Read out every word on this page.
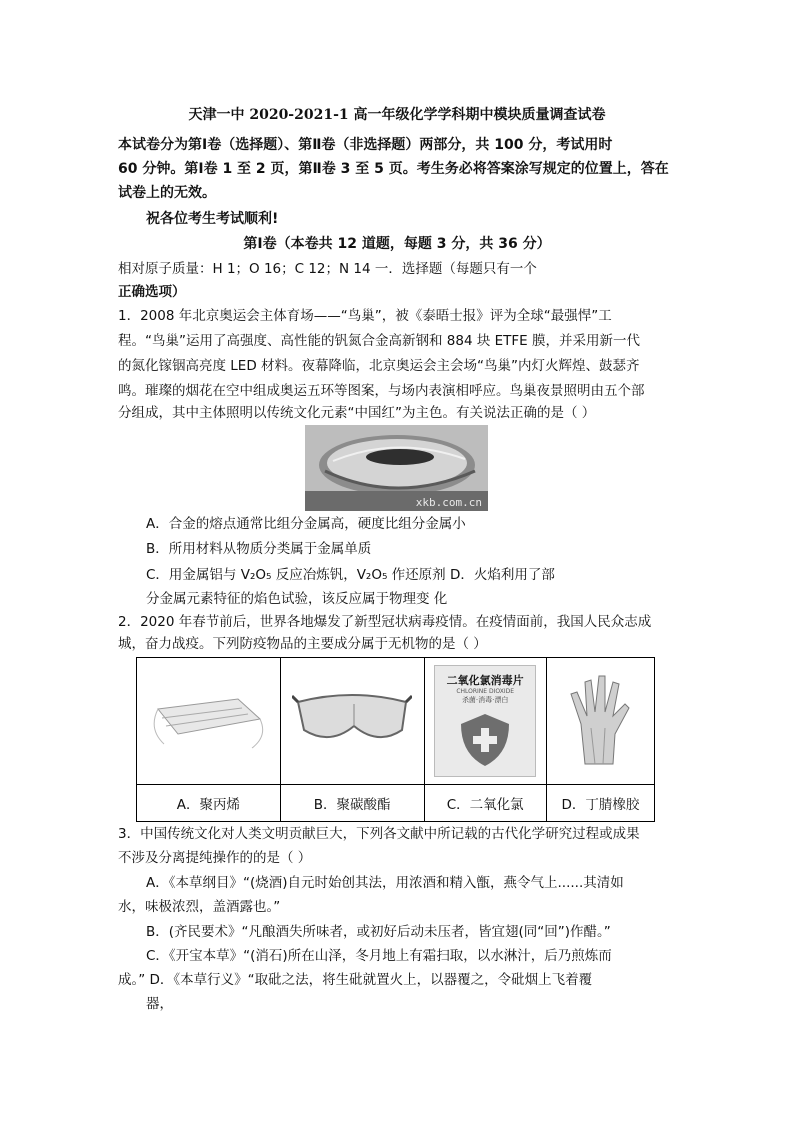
天津一中 2020-2021-1 高一年级化学学科期中模块质量调查试卷
本试卷分为第Ⅰ卷（选择题）、第Ⅱ卷（非选择题）两部分，共 100 分，考试用时
60 分钟。第Ⅰ卷 1 至 2 页，第Ⅱ卷 3 至 5 页。考生务必将答案涂写规定的位置上，答在
试卷上的无效。
祝各位考生考试顺利!
第Ⅰ卷（本卷共 12 道题，每题 3 分，共 36 分）
相对原子质量：H 1；O 16；C 12；N 14 一．选择题（每题只有一个
正确选项）
1．2008 年北京奥运会主体育场——“鸟巢”，被《泰晤士报》评为全球“最强悍”工
程。“鸟巢”运用了高强度、高性能的钒氮合金高新钢和 884 块 ETFE 膜，并采用新一代
的氮化镓铟高亮度 LED 材料。夜幕降临，北京奥运会主会场“鸟巢”内灯火辉煌、鼓瑟齐
鸣。璀璨的烟花在空中组成奥运五环等图案，与场内表演相呼应。鸟巢夜景照明由五个部
分组成，其中主体照明以传统文化元素“中国红”为主色。有关说法正确的是（ ）
xkb.com.cn
A．合金的熔点通常比组分金属高，硬度比组分金属小
B．所用材料从物质分类属于金属单质
C．用金属铝与 V₂O₅ 反应冶炼钒，V₂O₅ 作还原剂 D．火焰利用了部
分金属元素特征的焰色试验，该反应属于物理变 化
2．2020 年春节前后，世界各地爆发了新型冠状病毒疫情。在疫情面前，我国人民众志成
城，奋力战疫。下列防疫物品的主要成分属于无机物的是（ ）

二氧化氯消毒片
CHLORINE DIOXIDE
杀菌·消毒·漂白

A．聚丙烯	B．聚碳酸酯	C．二氧化氯	D．丁腈橡胶
3．中国传统文化对人类文明贡献巨大，下列各文献中所记载的古代化学研究过程或成果
不涉及分离提纯操作的的是（ ）
A．《本草纲目》“(烧酒)自元时始创其法，用浓酒和精入甑，燕令气上......其清如
水，味极浓烈，盖酒露也。”
B．(齐民要术》“凡酿酒失所味者，或初好后动未压者，皆宜翅(同“回”)作醋。”
C．《开宝本草》“(消石)所在山泽，冬月地上有霜扫取，以水淋汁，后乃煎炼而
成。” D．《本草行义》“取砒之法，将生砒就置火上，以器覆之，令砒烟上飞着覆
器，
